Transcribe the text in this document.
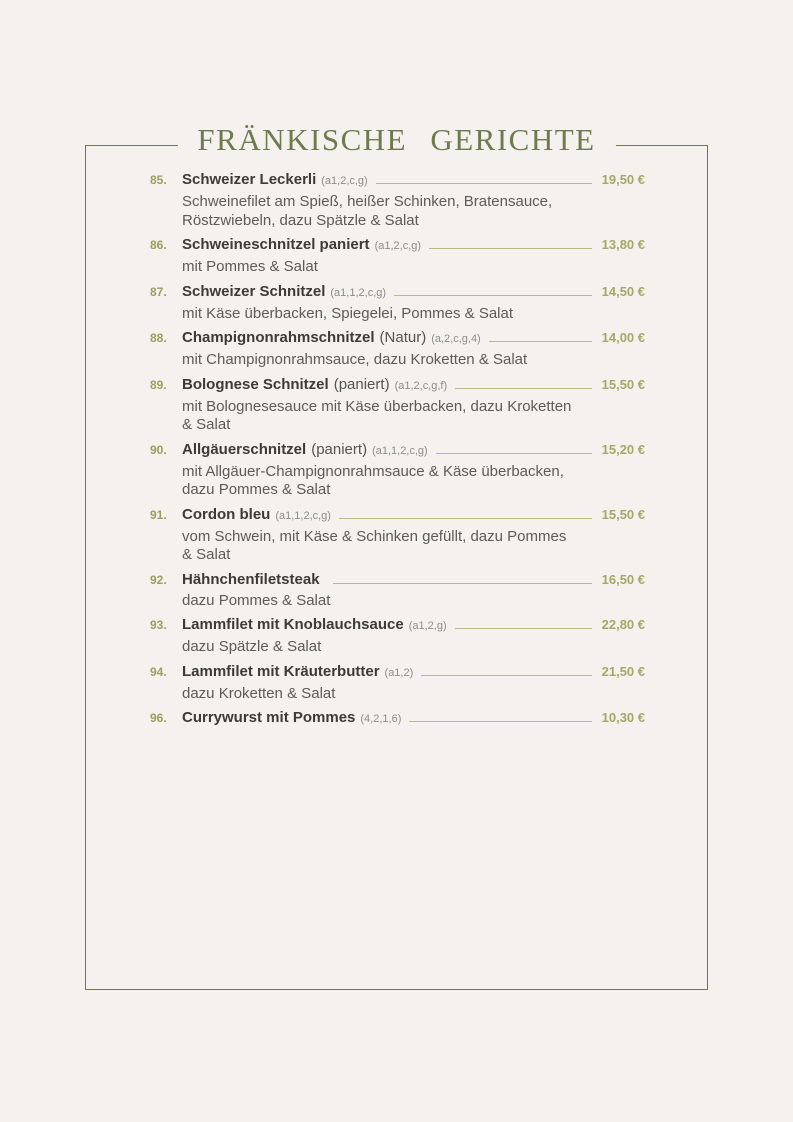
FRÄNKISCHE GERICHTE
85.	Schweizer Leckerli (a1,2,c,g)	19,50 €

Schweinefilet am Spieß, heißer Schinken, Bratensauce, Röstzwiebeln, dazu Spätzle & Salat

86.	Schweineschnitzel paniert (a1,2,c,g)	13,80 €

mit Pommes & Salat

87.	Schweizer Schnitzel (a1,1,2,c,g)	14,50 €

mit Käse überbacken, Spiegelei, Pommes & Salat

88.	Champignonrahmschnitzel (Natur) (a,2,c,g,4)	14,00 €

mit Champignonrahmsauce, dazu Kroketten & Salat

89.	Bolognese Schnitzel (paniert) (a1,2,c,g,f)	15,50 €

mit Bolognesesauce mit Käse überbacken, dazu Kroketten & Salat

90.	Allgäuerschnitzel (paniert) (a1,1,2,c,g)	15,20 €

mit Allgäuer-Champignonrahmsauce & Käse überbacken, dazu Pommes & Salat

91.	Cordon bleu (a1,1,2,c,g)	15,50 €

vom Schwein, mit Käse & Schinken gefüllt, dazu Pommes & Salat

92.	Hähnchenfiletsteak	16,50 €

dazu Pommes & Salat

93.	Lammfilet mit Knoblauchsauce (a1,2,g)	22,80 €

dazu Spätzle & Salat

94.	Lammfilet mit Kräuterbutter (a1,2)	21,50 €

dazu Kroketten & Salat

96.	Currywurst mit Pommes (4,2,1,6)	10,30 €
